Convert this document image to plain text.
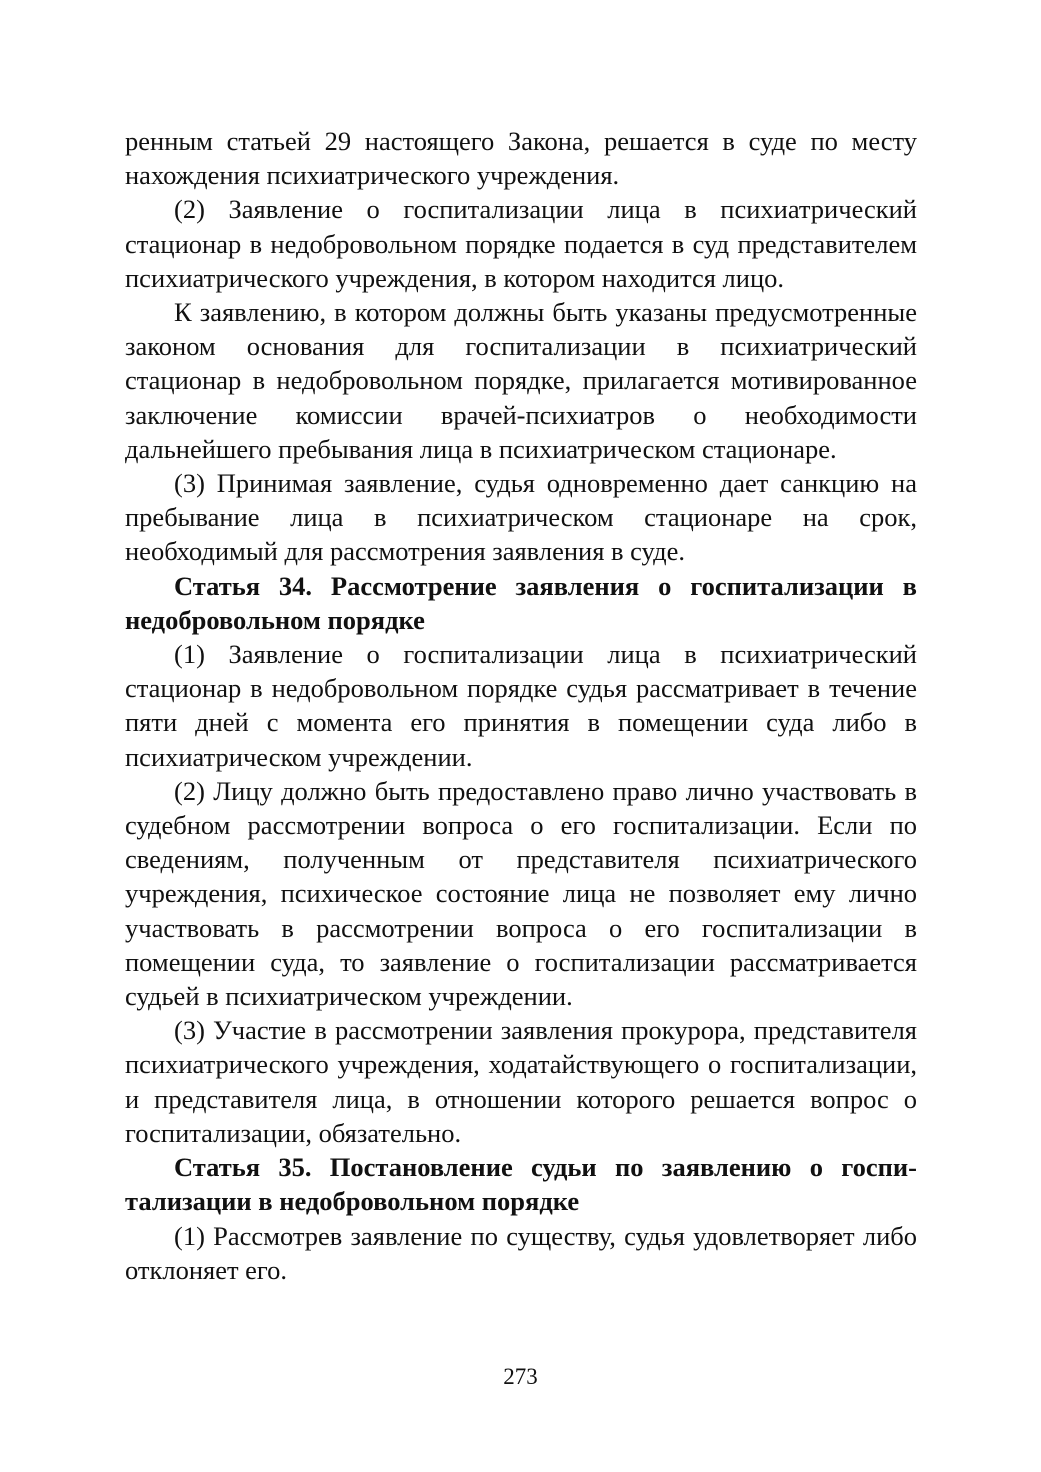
ренным статьей 29 настоящего Закона, решается в суде по месту нахождения психиатрического учреждения.

(2) Заявление о госпитализации лица в психиатрический стационар в недобровольном порядке подается в суд представителем психиатрического учреждения, в котором находится лицо.

К заявлению, в котором должны быть указаны предусмотренные законом основания для госпитализации в психиатрический стационар в недобровольном порядке, прилагается мотивированное заключение комиссии врачей-психиатров о необходимости дальнейшего пребывания лица в психиатрическом стационаре.

(3) Принимая заявление, судья одновременно дает санкцию на пребывание лица в психиатрическом стационаре на срок, необходимый для рассмотрения заявления в суде.

Статья 34. Рассмотрение заявления о госпитализации в недобровольном порядке

(1) Заявление о госпитализации лица в психиатрический стационар в недобровольном порядке судья рассматривает в течение пяти дней с момента его принятия в помещении суда либо в психиатрическом учреждении.

(2) Лицу должно быть предоставлено право лично участвовать в судебном рассмотрении вопроса о его госпитализации. Если по сведениям, полученным от представителя психиатрического учреждения, психическое состояние лица не позволяет ему лично участвовать в рассмотрении вопроса о его госпитализации в помещении суда, то заявление о госпитализации рассматривается судьей в психиатрическом учреждении.

(3) Участие в рассмотрении заявления прокурора, представителя психиатрического учреждения, ходатайствующего о госпитализации, и представителя лица, в отношении которого решается вопрос о госпитализации, обязательно.

Статья 35. Постановление судьи по заявлению о госпитализации в недобровольном порядке

(1) Рассмотрев заявление по существу, судья удовлетворяет либо отклоняет его.

273
